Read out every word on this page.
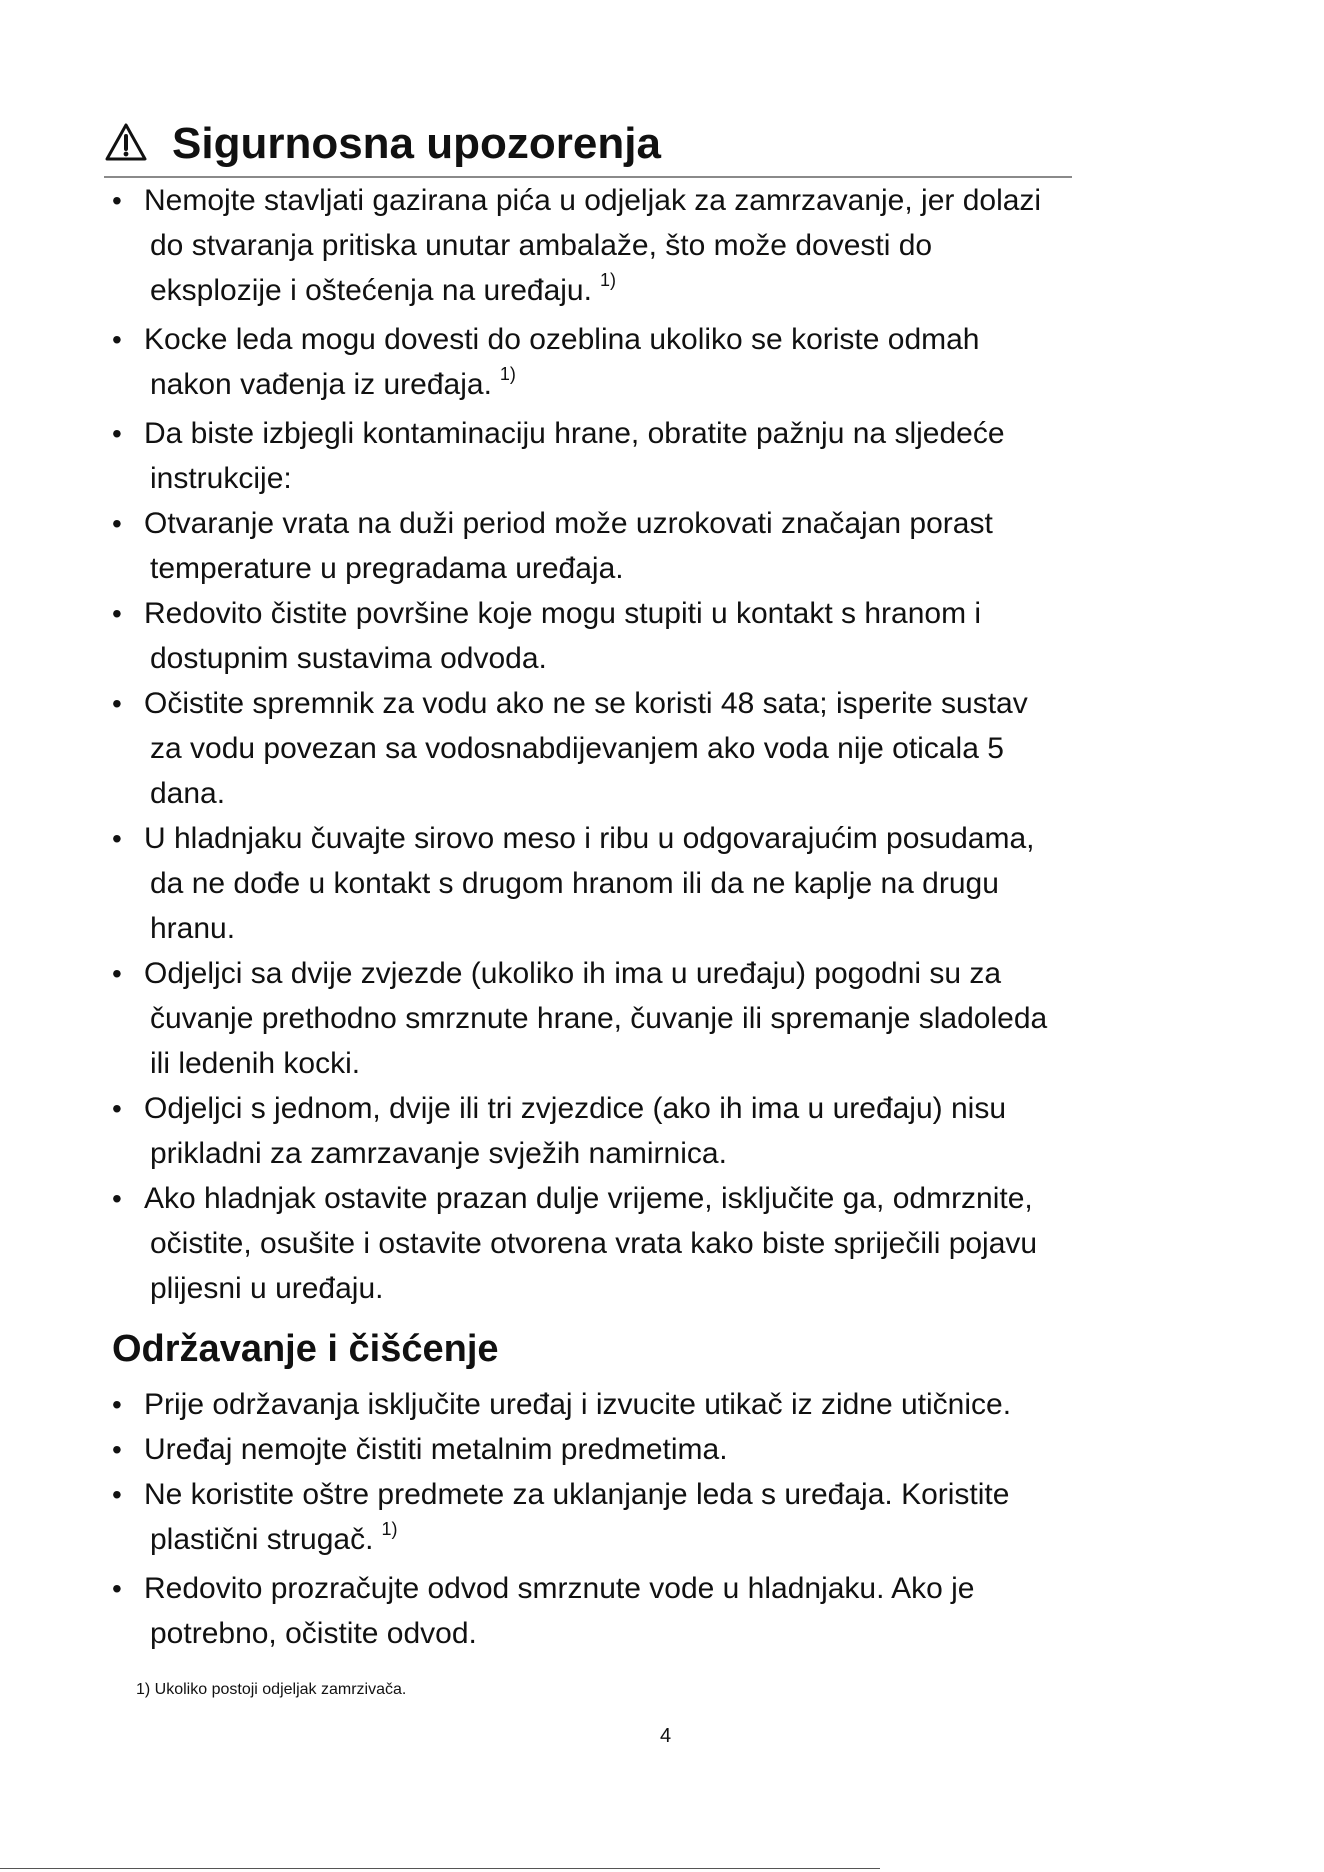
Sigurnosna upozorenja
• Nemojte stavljati gazirana pića u odjeljak za zamrzavanje, jer dolazi
do stvaranja pritiska unutar ambalaže, što može dovesti do
eksplozije i oštećenja na uređaju. $^{1)}$
• Kocke leda mogu dovesti do ozeblina ukoliko se koriste odmah
nakon vađenja iz uređaja. $^{1)}$
• Da biste izbjegli kontaminaciju hrane, obratite pažnju na sljedeće
instrukcije:
• Otvaranje vrata na duži period može uzrokovati značajan porast
temperature u pregradama uređaja.
• Redovito čistite površine koje mogu stupiti u kontakt s hranom i
dostupnim sustavima odvoda.
• Očistite spremnik za vodu ako ne se koristi 48 sata; isperite sustav
za vodu povezan sa vodosnabdijevanjem ako voda nije oticala 5
dana.
• U hladnjaku čuvajte sirovo meso i ribu u odgovarajućim posudama,
da ne dođe u kontakt s drugom hranom ili da ne kaplje na drugu
hranu.
• Odjeljci sa dvije zvjezde (ukoliko ih ima u uređaju) pogodni su za
čuvanje prethodno smrznute hrane, čuvanje ili spremanje sladoleda
ili ledenih kocki.
• Odjeljci s jednom, dvije ili tri zvjezdice (ako ih ima u uređaju) nisu
prikladni za zamrzavanje svježih namirnica.
• Ako hladnjak ostavite prazan dulje vrijeme, isključite ga, odmrznite,
očistite, osušite i ostavite otvorena vrata kako biste spriječili pojavu
plijesni u uređaju.
Održavanje i čišćenje
• Prije održavanja isključite uređaj i izvucite utikač iz zidne utičnice.
• Uređaj nemojte čistiti metalnim predmetima.
• Ne koristite oštre predmete za uklanjanje leda s uređaja. Koristite
plastični strugač. $^{1)}$
• Redovito prozračujte odvod smrznute vode u hladnjaku. Ako je
potrebno, očistite odvod.
1) Ukoliko postoji odjeljak zamrzivača.
4
